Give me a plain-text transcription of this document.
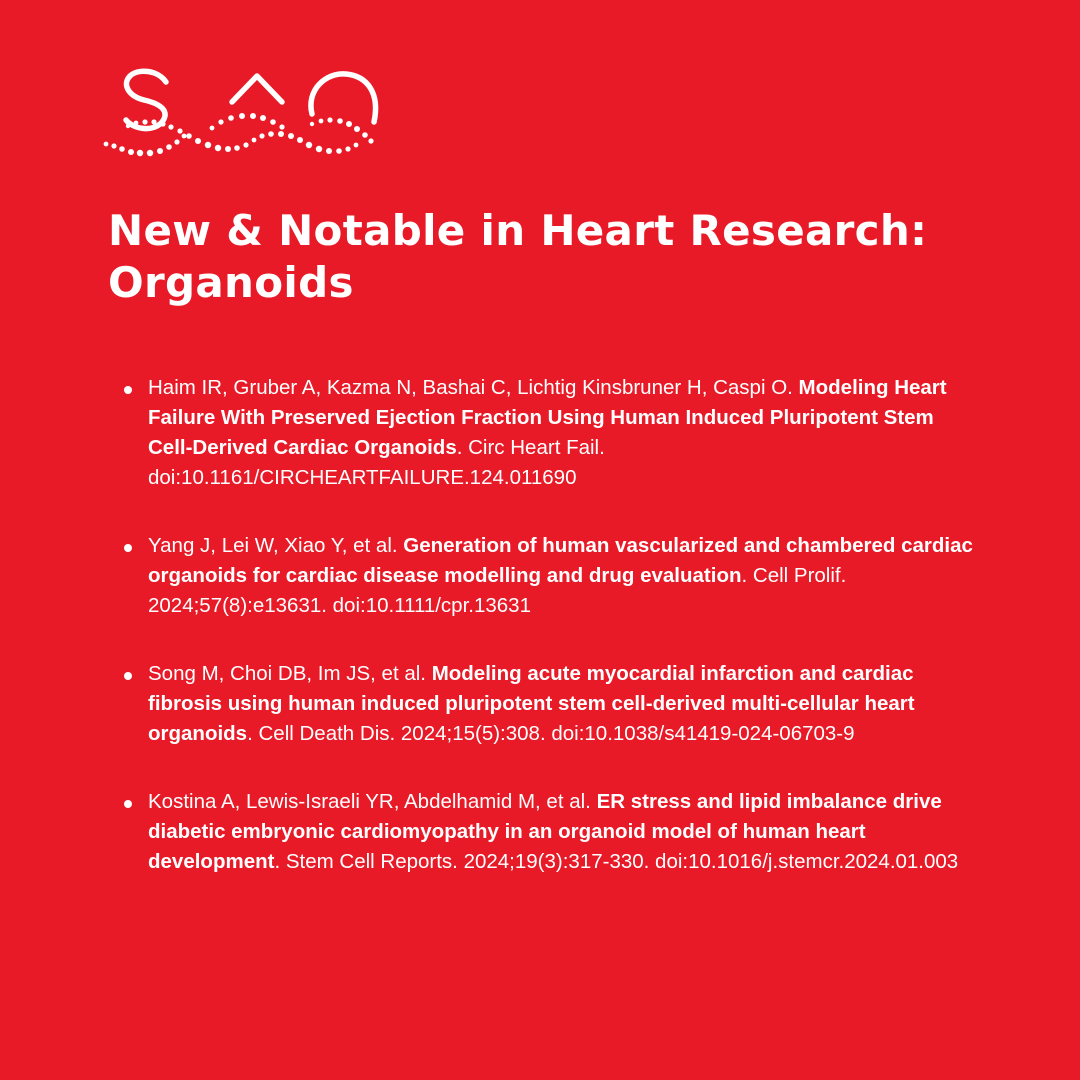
New & Notable in Heart Research:
Organoids
Haim IR, Gruber A, Kazma N, Bashai C, Lichtig Kinsbruner H, Caspi O. Modeling Heart Failure With Preserved Ejection Fraction Using Human Induced Pluripotent Stem Cell-Derived Cardiac Organoids. Circ Heart Fail. doi:10.1161/CIRCHEARTFAILURE.124.011690
Yang J, Lei W, Xiao Y, et al. Generation of human vascularized and chambered cardiac organoids for cardiac disease modelling and drug evaluation. Cell Prolif. 2024;57(8):e13631. doi:10.1111/cpr.13631
Song M, Choi DB, Im JS, et al. Modeling acute myocardial infarction and cardiac fibrosis using human induced pluripotent stem cell-derived multi-cellular heart organoids. Cell Death Dis. 2024;15(5):308. doi:10.1038/s41419-024-06703-9
Kostina A, Lewis-Israeli YR, Abdelhamid M, et al. ER stress and lipid imbalance drive diabetic embryonic cardiomyopathy in an organoid model of human heart development. Stem Cell Reports. 2024;19(3):317-330. doi:10.1016/j.stemcr.2024.01.003
